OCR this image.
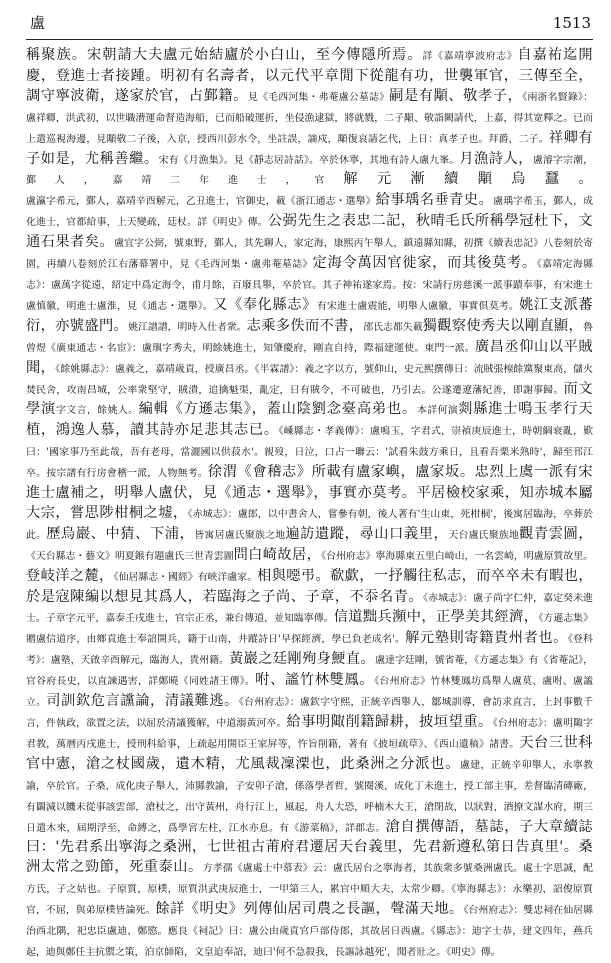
盧	1513
稱聚族。宋朝請大夫盧元始結廬於小白山，至今傳隱所焉。詳《嘉靖寧波府志》自嘉祐迄開慶，登進士者接踵。明初有名壽者，以元代平章閒下從龍有功，世襲軍官，三傳至全，調守寧波衛，遂家於官，占鄞籍。見《毛西河集・弗菴盧公墓誌》嗣是有顒、敬孝子，《兩浙名賢錄》：盧祥卿，洪武初，以世職漕運命督造海船，已而船破運折，坐侵漁逮獄，將就戮，二子顒、敬詣闕請代，上嘉，得其宽釋之。已而上遣巡視海邊，見顒敬二子後，入京，授西川彭水令，坐註誤，謫戍，顒復哀請乞代，上日：真孝子也。拜爵，二子。祥卿有子如是，尤稱善繼。宋有《月漁集》。見《靜志居詩話》。卒於休寧，其地有詩人盧九峯。月漁詩人，盧濬字宗潮，鄞人，嘉靖二年進士，官解元漸續顒烏蠶。盧瀛字希元，鄞人，嘉靖辛酉解元，乙丑進士，官御史，載《浙江通志・選舉》給事瑀名垂青史。盧瑀字希玉，鄞人，成化進士，官都給事，上天變疏，廷杖。詳《明史》傳。公弼先生之表忠二記，秋晴毛氏所稱學冠杜下，文通石果者矣。盧宜字公弼，號東野，鄞人，其先聊人，家定海，康熙丙午舉人，鎮遠縣知縣，初撰《續表忠記》八卷刻於寄園，再續八卷刻於江右藩幕署中，見《毛西河集・盧弗菴墓誌》定海令萬因官徙家，而其後莫考。《嘉靖定海縣志》：盧萬字從遠，紹定中爲定海令，甫月餘，百廢具舉，卒於官。其子神祐遂家焉。按：宋請行房慈溪一派事蹟奉事，有宋進士盧慎徽，明進士盧淮，見《通志・選舉》。又《奉化縣志》有宋進士盧震能，明舉人盧徽，事實俱莫考。姚江支派蕃衍，亦號盛門。姚江譜譜，明時入仕者衆。志乘多佚而不書，邵氏志都失載獨觀察使秀夫以剛直顯，魯曾煜《廣東通志・名宦》：盧璵字秀夫，明餘姚進士，知肇慶府，剛直自持，際福建運使。東門一派。廣昌丞仰山以平賊聞，《餘姚縣志》：盧義之，嘉靖歲貢，授廣昌丞。《半霖譜》：義之字以方，號仰山，史元熙撰傳日：流賊張楾餘黨聚東高，儲火焚民舍，攻南昌城，公率衆堅守，賊潰，追擒魁渠，亂定，日有賊令，不可破也，乃引去。公遂遷遼藩紀善，即謝事歸。而文學演字文言，餘姚人。編輯《方遜志集》，蓋山陰劉念臺高弟也。本詳何演剡縣進士鳴玉孝行天植，鴻逸人慕，讀其詩亦足悲其志已。《嵊縣志・孝義傳》：盧鳴玉，字君式，崇禎庚辰進士，時朝綱衰亂，歎曰：'國家事乃至此哉，吾有老母，當灑國以供菽水'。親歿，日泣，口占一聯云：'試看朱鼓方乘日，且看吾栗米熟時'，歸至邗江卒。按宗譜有行房會稽一派，人物無考。徐渭《會稽志》所載有盧家嶼，盧家坂。忠烈上虞一派有宋進士盧補之，明舉人盧伏，見《通志・選舉》，事實亦莫考。平居檢校家乘，知赤城本屬大宗，嘗思陟柑桐之墟，《赤城志》：盧郎，以中書舍人，嘗參有朝，後人著有'生山東，死柑桐'，後寓居臨海，卒葬於此。歷烏巖、中猜、下浦，皆寓居盧氏聚族之地遍訪遺蹤，尋山口義里，天台盧氏聚族地觀青雲圖，《天台縣志・藝文》明夏鍭有題盧氏三世青雲圖問白崎故居，《台州府志》寧海縣東五里白崎山，一名雲崎，明盧原質故里。登岐洋之麓，《仙居縣志・國經》有峡洋盧家。相與噁弔。欷歔，一抒觸往私志，而卒卒未有暇也，於是寇陳編以想見其爲人，若臨海之子尚、子章，不忝名青。《赤城志》：盧子尚字仁仲，嘉定癸未進士。子章字元平，嘉泰壬戌進士，官宗正丞，兼台傳道，並知臨寧傳。信道黜兵瀕中，正學美其經濟，《方遜志集》贈盧信道序，由鄉貢進士奉詔開兵，籍于山南，井蹤詩日'早探經濟，學已負老成名'。解元塾則寄籍貴州者也。《登科考》：盧塾，天啟辛酉解元，臨海人，貴州籍。黃巖之廷剛殉身鯁直。盧達字廷剛，號省菴，《方遜志集》有《省菴記》，官谷府長史，以直諫遇害，詳鄭曉《同姓諸王傳》。咐、謐竹林雙鳳。《台州府志》竹林雙鳳坊爲舉人盧莫、盧咐、盧謐立。司訓欽危言讜論，清議難逃。《台州府志》：盧欽字守熙，正統辛酉舉人，鄒城訓導，會訪求直言，上封事數千言，件執政，欲置之法，以屈於清議獲解，中道溺黃河卒。給事明陬削籍歸耕，披垣望重。《台州府志》：盧明陬字君教，萬曆丙戌進士，授刑科給事，上疏起用開臣王家屏等，忤旨削籍，著有《披垣疏草》、《西山遺稿》諸書。天台三世科官中憲，滄之杖國歲，遺木精，尤風裁凜溧也，此桑洲之分派也。盧建，正統辛卯舉人，永寧教諭，卒於官。子桑，成化庚子舉人，沛縣教諭，子安卯子滄，係落學者哲，號閱溪，成化丁未進士，授工部主事，差督臨清磚廠，有闢減以饑未從事該雲部，滄杖之，出守黃州，舟行江上，風起，舟人大恐，呼楠木大王，滄閉故，以狀對，酒撩文謀水府，期三日遣木來，屆期浮至，命縛之，爲學宮左柱，江水亦息。有《游菜稿》，詳郡志。滄自撰傳語，墓誌，子大章續誌曰：'先君系出寧海之桑洲，七世祖古莆府君遷居天台義里，先君新遵私第日告真里'。桑洲太常之勁節，死重泰山。方孝孺《盧處士中慕表》云：盧氏居台之寧海者，其族衆多號桑洲盧氏。處士字思誠，配方氏，子之姑也。子原質，原樸，原質洪武庚辰進士，一甲第三人，累官中順大夫，太常少卿。《寧海縣志》：永樂初，詔俊原質官，不屈，與弟原樸皆論死。餘詳《明史》列傳仙居司農之長謳，聲滿天地。《台州府志》：雙忠祠在仙居縣治西北隅，祀忠臣盧迪、鄭愍。應良《祠記》曰：盧公由歲貢官戶部侍郎，其故居日西盧。《縣志》：迪字士恭，建文四年，燕兵起，迪與鄭任主抗禦之策，泊京師陷，文皇迫奉詔，迪曰'何不急殺我，長謳詠越死'，聞者壯之。《明史》傳。
